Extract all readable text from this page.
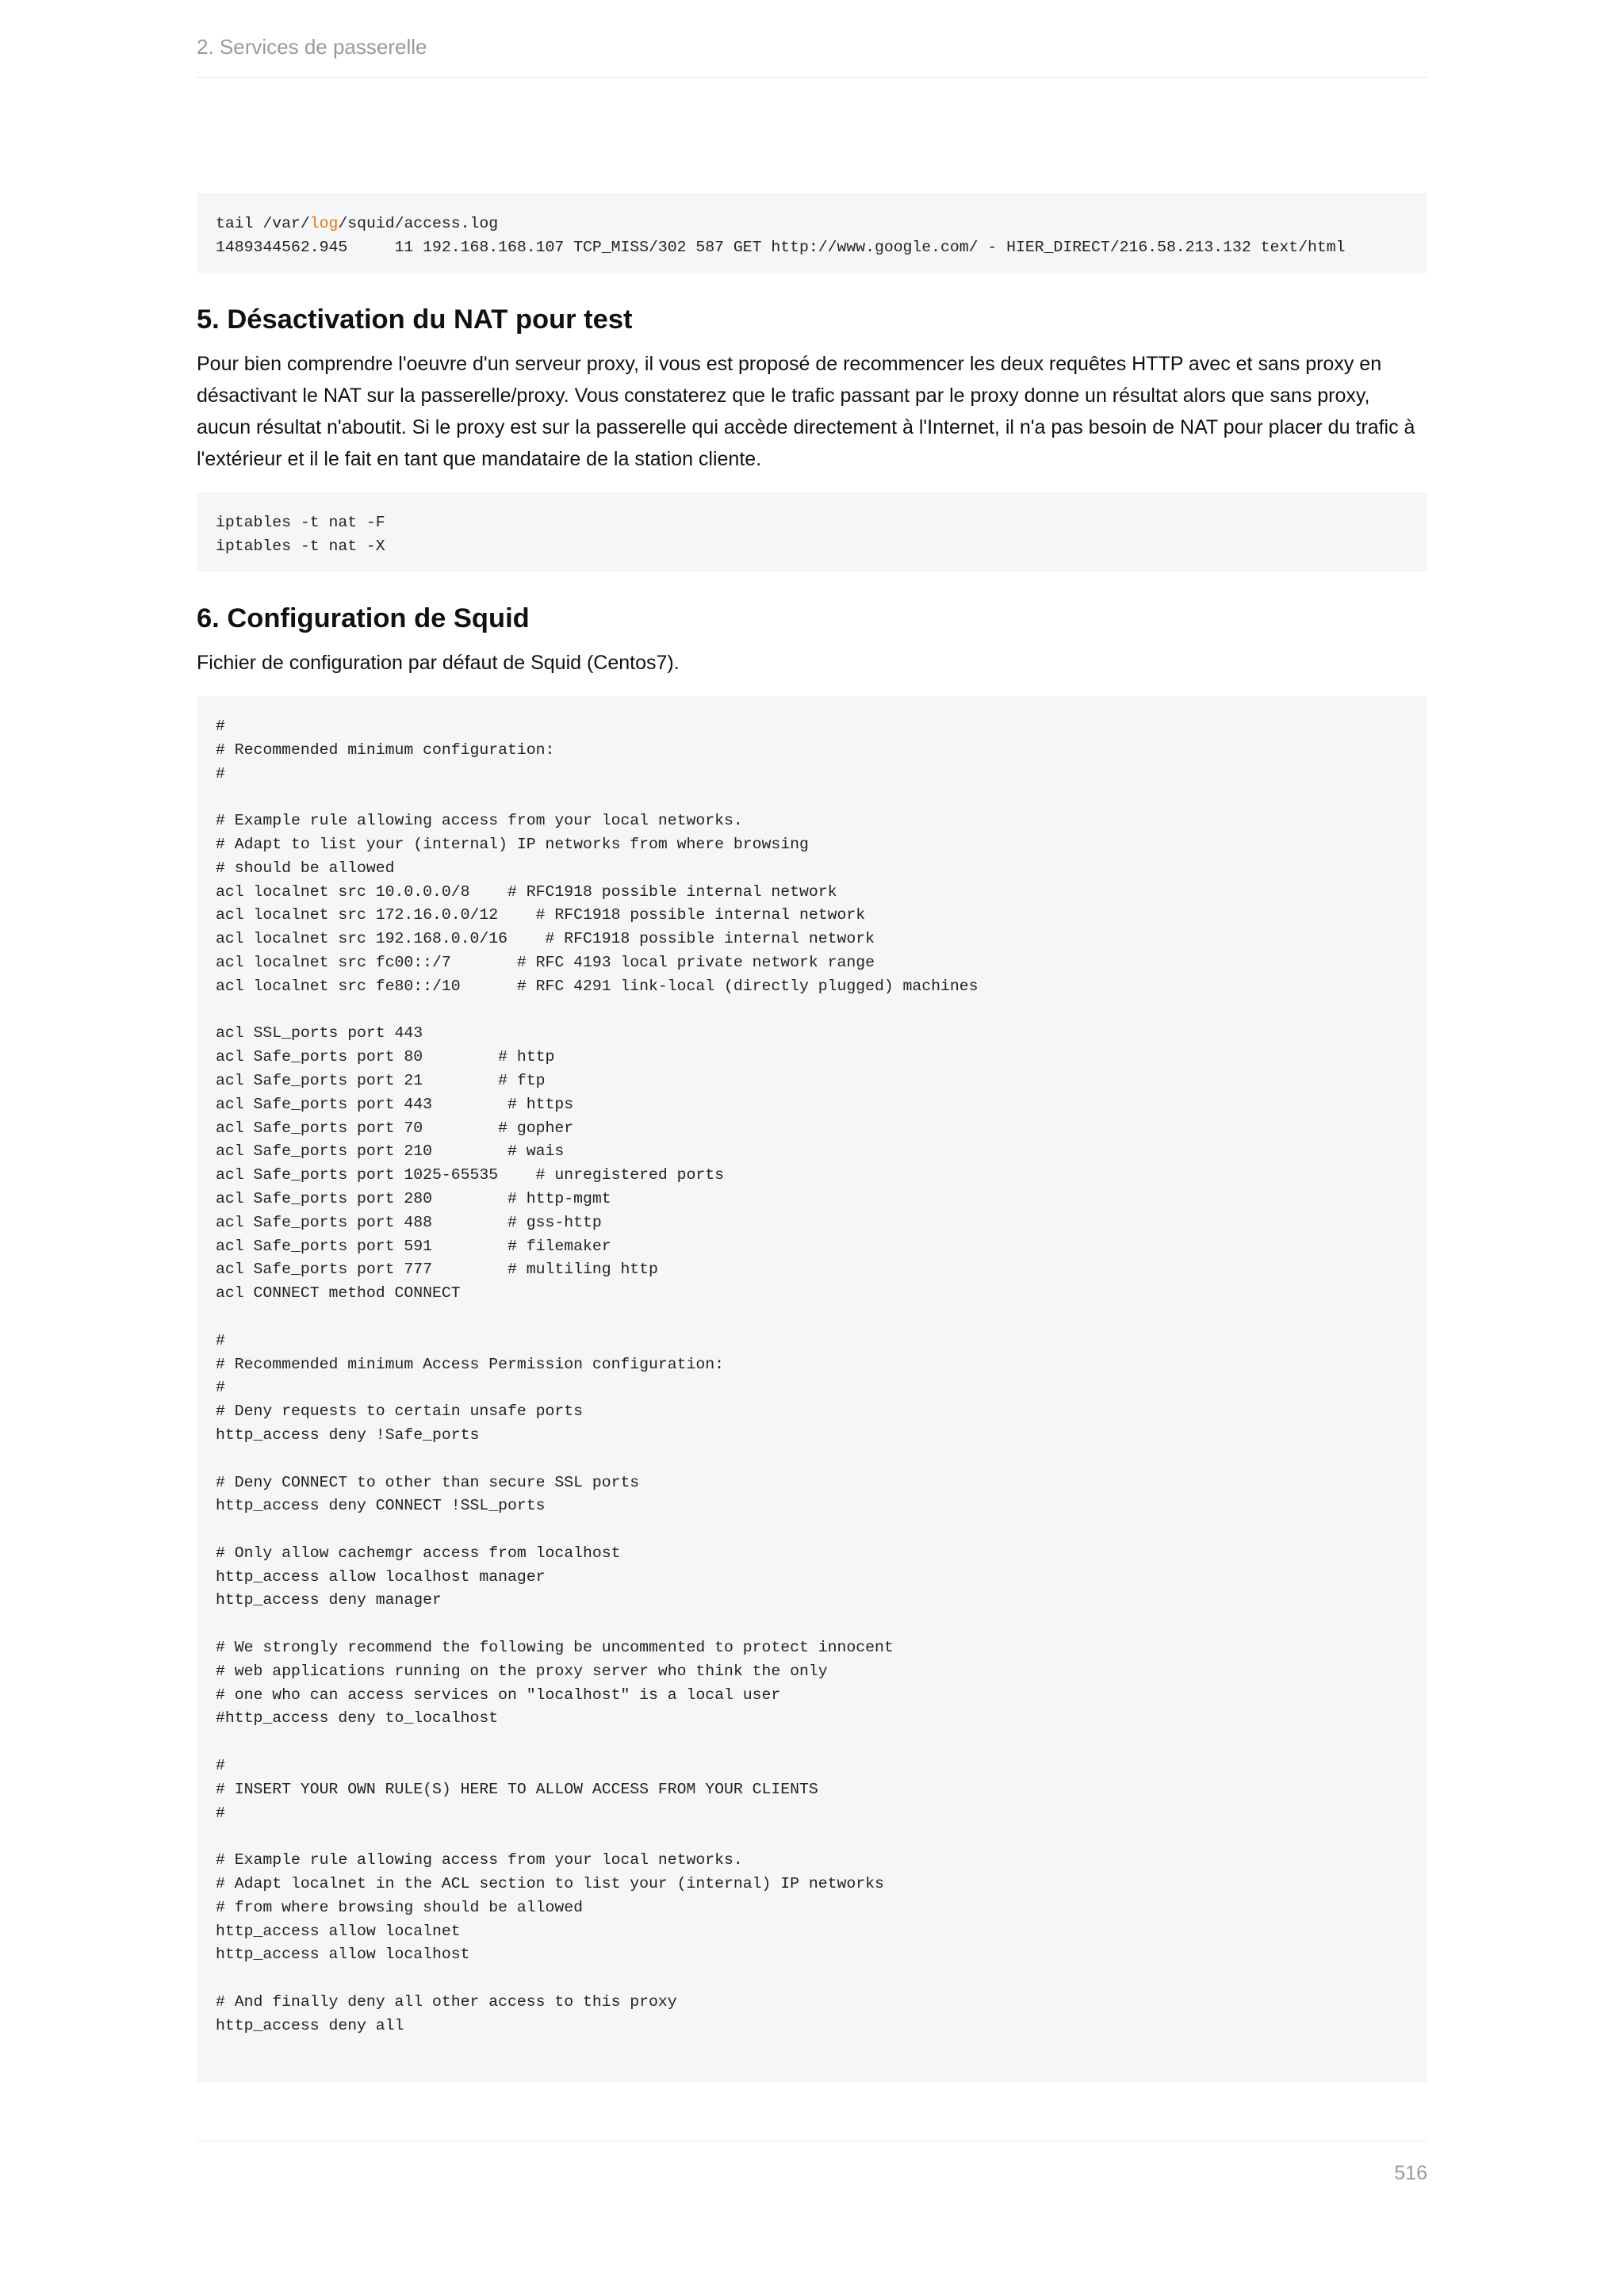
2. Services de passerelle
tail /var/log/squid/access.log
1489344562.945     11 192.168.168.107 TCP_MISS/302 587 GET http://www.google.com/ - HIER_DIRECT/216.58.213.132 text/html
5. Désactivation du NAT pour test

Pour bien comprendre l'oeuvre d'un serveur proxy, il vous est proposé de recommencer les deux requêtes HTTP avec et sans proxy en désactivant le NAT sur la passerelle/proxy. Vous constaterez que le trafic passant par le proxy donne un résultat alors que sans proxy, aucun résultat n'aboutit. Si le proxy est sur la passerelle qui accède directement à l'Internet, il n'a pas besoin de NAT pour placer du trafic à l'extérieur et il le fait en tant que mandataire de la station cliente.

iptables -t nat -F
iptables -t nat -X
6. Configuration de Squid

Fichier de configuration par défaut de Squid (Centos7).

#
# Recommended minimum configuration:
#
# Example rule allowing access from your local networks.
# Adapt to list your (internal) IP networks from where browsing
# should be allowed
acl localnet src 10.0.0.0/8    # RFC1918 possible internal network
acl localnet src 172.16.0.0/12    # RFC1918 possible internal network
acl localnet src 192.168.0.0/16    # RFC1918 possible internal network
acl localnet src fc00::/7       # RFC 4193 local private network range
acl localnet src fe80::/10      # RFC 4291 link-local (directly plugged) machines
acl SSL_ports port 443
acl Safe_ports port 80        # http
acl Safe_ports port 21        # ftp
acl Safe_ports port 443        # https
acl Safe_ports port 70        # gopher
acl Safe_ports port 210        # wais
acl Safe_ports port 1025-65535    # unregistered ports
acl Safe_ports port 280        # http-mgmt
acl Safe_ports port 488        # gss-http
acl Safe_ports port 591        # filemaker
acl Safe_ports port 777        # multiling http
acl CONNECT method CONNECT
#
# Recommended minimum Access Permission configuration:
#
# Deny requests to certain unsafe ports
http_access deny !Safe_ports
# Deny CONNECT to other than secure SSL ports
http_access deny CONNECT !SSL_ports
# Only allow cachemgr access from localhost
http_access allow localhost manager
http_access deny manager
# We strongly recommend the following be uncommented to protect innocent
# web applications running on the proxy server who think the only
# one who can access services on "localhost" is a local user
#http_access deny to_localhost
#
# INSERT YOUR OWN RULE(S) HERE TO ALLOW ACCESS FROM YOUR CLIENTS
#
# Example rule allowing access from your local networks.
# Adapt localnet in the ACL section to list your (internal) IP networks
# from where browsing should be allowed
http_access allow localnet
http_access allow localhost
# And finally deny all other access to this proxy
http_access deny all
516
